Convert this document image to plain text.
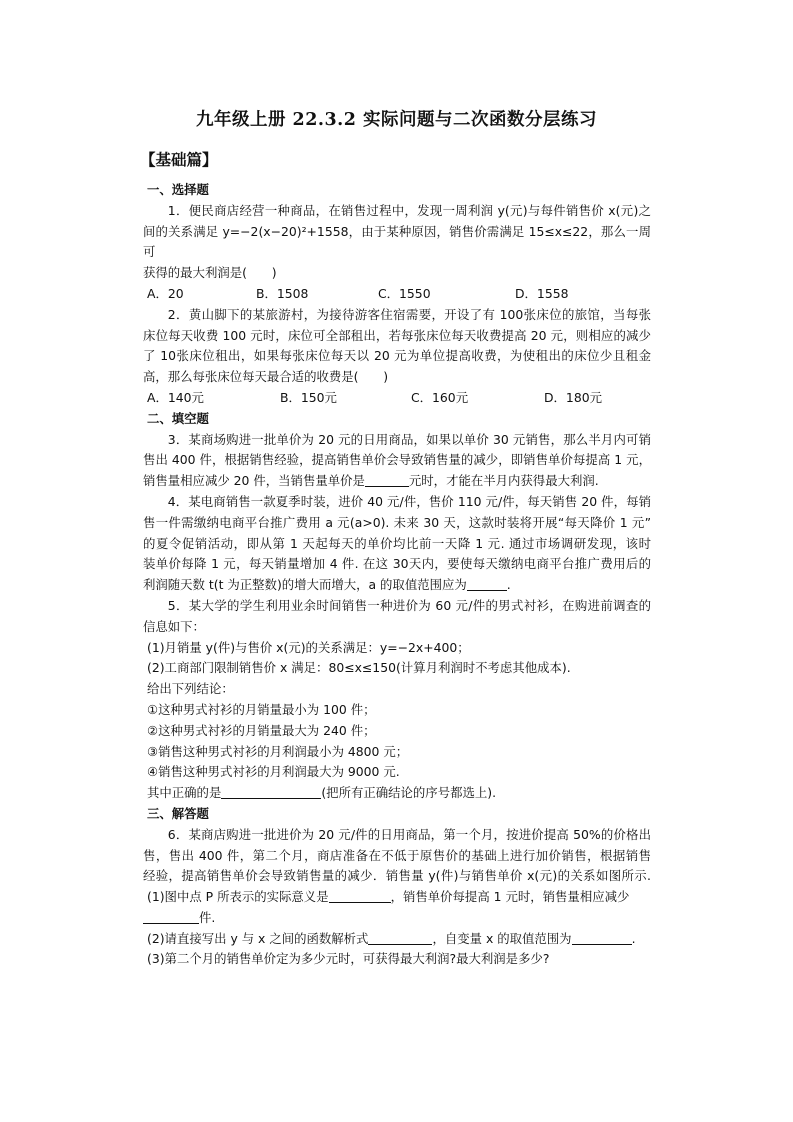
九年级上册 22.3.2 实际问题与二次函数分层练习
【基础篇】

一、选择题

1．便民商店经营一种商品，在销售过程中，发现一周利润 y(元)与每件销售价 x(元)之

间的关系满足 y=−2(x−20)²+1558，由于某种原因，销售价需满足 15≤x≤22，那么一周可

获得的最大利润是(　　)

A．20	B．1508	C．1550	D．1558

2．黄山脚下的某旅游村，为接待游客住宿需要，开设了有 100张床位的旅馆，当每张

床位每天收费 100 元时，床位可全部租出，若每张床位每天收费提高 20 元，则相应的减少

了 10张床位租出，如果每张床位每天以 20 元为单位提高收费，为使租出的床位少且租金

高，那么每张床位每天最合适的收费是(　　)

A．140元	B．150元	C．160元	D．180元

二、填空题

3．某商场购进一批单价为 20 元的日用商品，如果以单价 30 元销售，那么半月内可销

售出 400 件，根据销售经验，提高销售单价会导致销售量的减少，即销售单价每提高 1 元，

销售量相应减少 20 件，当销售量单价是	元时，才能在半月内获得最大利润.

4．某电商销售一款夏季时装，进价 40 元/件，售价 110 元/件，每天销售 20 件，每销

售一件需缴纳电商平台推广费用 a 元(a>0). 未来 30 天，这款时装将开展“每天降价 1 元”

的夏令促销活动，即从第 1 天起每天的单价均比前一天降 1 元. 通过市场调研发现，该时

装单价每降 1 元，每天销量增加 4 件. 在这 30天内，要使每天缴纳电商平台推广费用后的

利润随天数 t(t 为正整数)的增大而增大，a 的取值范围应为	.

5．某大学的学生利用业余时间销售一种进价为 60 元/件的男式衬衫，在购进前调查的

信息如下：

(1)月销量 y(件)与售价 x(元)的关系满足：y=−2x+400；

(2)工商部门限制销售价 x 满足：80≤x≤150(计算月利润时不考虑其他成本).

给出下列结论：

①这种男式衬衫的月销量最小为 100 件；

②这种男式衬衫的月销量最大为 240 件；

③销售这种男式衬衫的月利润最小为 4800 元；

④销售这种男式衬衫的月利润最大为 9000 元.

其中正确的是	(把所有正确结论的序号都选上).

三、解答题

6．某商店购进一批进价为 20 元/件的日用商品，第一个月，按进价提高 50%的价格出

售，售出 400 件，第二个月，商店准备在不低于原售价的基础上进行加价销售，根据销售

经验，提高销售单价会导致销售量的减少．销售量 y(件)与销售单价 x(元)的关系如图所示.

(1)图中点 P 所表示的实际意义是	，销售单价每提高 1 元时，销售量相应减少

件.

(2)请直接写出 y 与 x 之间的函数解析式	，自变量 x 的取值范围为	.

(3)第二个月的销售单价定为多少元时，可获得最大利润?最大利润是多少?
